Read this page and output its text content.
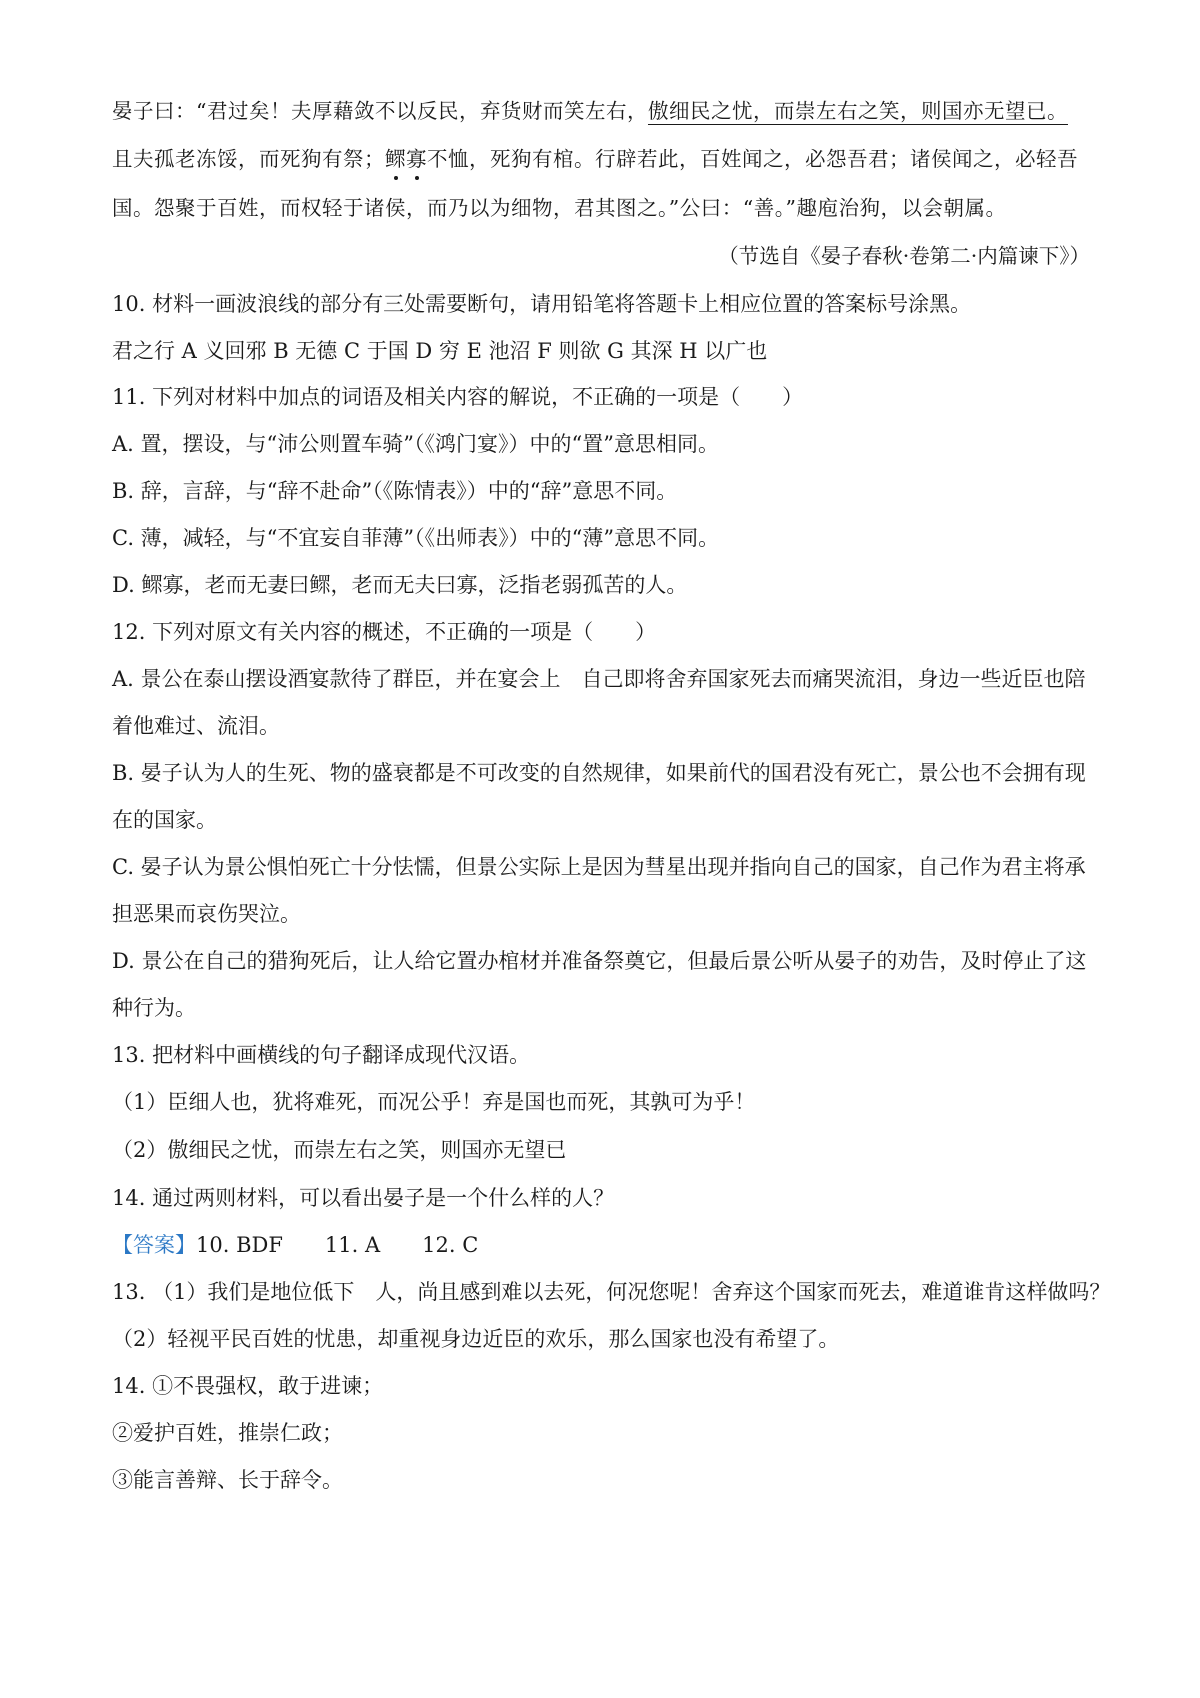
晏子曰：“君过矣！夫厚藉敛不以反民，弃货财而笑左右，傲细民之忧，而崇左右之笑，则国亦无望已。
且夫孤老冻馁，而死狗有祭；鳏寡不恤，死狗有棺。行辟若此，百姓闻之，必怨吾君；诸侯闻之，必轻吾
国。怨聚于百姓，而权轻于诸侯，而乃以为细物，君其图之。”公曰：“善。”趣庖治狗，以会朝属。
（节选自《晏子春秋·卷第二·内篇谏下》）
10. 材料一画波浪线的部分有三处需要断句，请用铅笔将答题卡上相应位置的答案标号涂黑。
君之行 A 义回邪 B 无德 C 于国 D 穷 E 池沼 F 则欲 G 其深 H 以广也
11. 下列对材料中加点的词语及相关内容的解说，不正确的一项是（　　）
A. 置，摆设，与“沛公则置车骑”（《鸿门宴》）中的“置”意思相同。
B. 辞，言辞，与“辞不赴命”（《陈情表》）中的“辞”意思不同。
C. 薄，减轻，与“不宜妄自菲薄”（《出师表》）中的“薄”意思不同。
D. 鳏寡，老而无妻曰鳏，老而无夫曰寡，泛指老弱孤苦的人。
12. 下列对原文有关内容的概述，不正确的一项是（　　）
A. 景公在泰山摆设酒宴款待了群臣，并在宴会上　自己即将舍弃国家死去而痛哭流泪，身边一些近臣也陪
着他难过、流泪。
B. 晏子认为人的生死、物的盛衰都是不可改变的自然规律，如果前代的国君没有死亡，景公也不会拥有现
在的国家。
C. 晏子认为景公惧怕死亡十分怯懦，但景公实际上是因为彗星出现并指向自己的国家，自己作为君主将承
担恶果而哀伤哭泣。
D. 景公在自己的猎狗死后，让人给它置办棺材并准备祭奠它，但最后景公听从晏子的劝告，及时停止了这
种行为。
13. 把材料中画横线的句子翻译成现代汉语。
（1）臣细人也，犹将难死，而况公乎！弃是国也而死，其孰可为乎！
（2）傲细民之忧，而崇左右之笑，则国亦无望已
14. 通过两则材料，可以看出晏子是一个什么样的人？
【答案】10. BDF　　11. A　　12. C
13. （1）我们是地位低下　人，尚且感到难以去死，何况您呢！舍弃这个国家而死去，难道谁肯这样做吗？
（2）轻视平民百姓的忧患，却重视身边近臣的欢乐，那么国家也没有希望了。
14. ①不畏强权，敢于进谏；
②爱护百姓，推崇仁政；
③能言善辩、长于辞令。
